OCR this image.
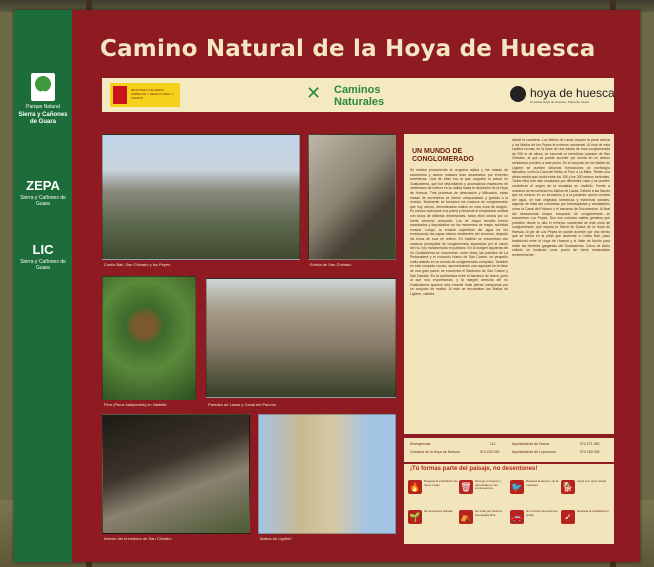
Parque Natural
Sierra y Cañones de Guara
ZEPA
Sierra y Cañones de Guara
LIC
Sierra y Cañones de Guara
Camino Natural de la Hoya de Huesca
MINISTERIO DE MEDIO AMBIENTE Y MEDIO RURAL Y MARINO	✕ Caminos
Naturales
hoya de huesca
Comarca Hoya de Huesca • Plana de Uesca
Cuello Bail, San Chinabo y los Pepes	Ermita de San Chinabo
Pino (Pinus halepensis) en Vadiello	Paredes de Lazas y Canal del Palomo
Interior del eremitorio de San Chinabo	Mallos de Ligüerri
UN MUNDO DE CONGLOMERADO
Se estaba produciendo la orogenia alpina y las masas de escombros y cantos rodados eran arrastrados por enormes torrenteras. Una de ellas era la que ocupaba el actual río Guatizalema, que fue depositando y acumulando espesores de centenares de metros en su salida hacia la depresión de la Hoya de Huesca. Tras procesos de desecación y litificación, estas masas de escombros se fueron compactando y gracias a la erosión, finalmente se formaron los macizos de conglomerado que hoy vemos, denominados mallos en esta zona de Aragón. Es curioso acercarse a la pared y observar el empedrado vertical con bolos de distintas dimensiones, todos ellos unidos por un fuerte cemento compacto. Los de mayor tamaño fueron arrastrados y depositados en los momentos de mayor actividad erosiva. Luego, la erosión superficial del agua ha ido erosionando las capas menos resistentes del cemento, dejando los bolos de roca en relieve. En Vadiello se encuentran dos macizos principales de conglomerado separados por el cauce del río, hoy transformado en pantano. En la margen izquierda del río Guatizalema se encuentran, entre otras, las paredes de La Pedacadera y el conocido Huevo de San Cosme, un pequeño mallo aislado en un mundo de conglomerado compacto. También en este conjunto rocoso, aprovechando una oquedad en la base de una gran pared, se encuentra el Santuario de San Cosme y San Damián. En la confluencia entre el barranco de Isarre, junto al que nos encontramos, y la margen derecha del río Guatizalema aparece otra enorme mole pétrea compuesta por un conjunto de mallos. Al este se encuentran los Mallos de Ligüerri, visibles
desde la carretera. Los Mallos de Lazas ocupan la parte central y los Mallos de los Pepes el extremo occidental. Al final de esta cadena rocosa, en la base de una balma de roca conglomerada de 200 m de altura, se esconde el eremitorio rupestre de San Chinabo, al que se puede acceder por senda en un desvío señalizado próximo a este punto. En el conjunto de los Mallos de Ligüerri se pueden observar formaciones de morfología llamativa, como la Cara del Maño, el Puro o La Mitra. Tienen una altura media que oscila entre los 100 y los 300 metros verticales. Todos ellos han sido escalados por diferentes rutas y se pueden considerar el origen de la escalada en Vadiello. Frente a nosotros se encuentran los Mallos de Lazas. Debido a las fisuras que se crearon en su formación y a la posterior acción erosiva del agua, se han originado barrancos y estrechas canales, algunas de ellas tan conocidas por barranquistas y escaladores como la Canal del Palomo o el barranco de Escomentué. Al final del descomunal bloque compacto de conglomerado se encuentran Los Pepes. Son dos curiosos mallos gemelos que presiden desde lo alto el extremo occidental de este cinto de conglomerado, que separa la Sierra de Guara de la Hoya de Huesca. Al pie de Los Pepes se puede acceder por una senda que se forma en la pista que asciende a Cuello Bail, paso tradicional entre la Hoya de Huesca y el Valle de Nocito para evitar las temibles gargantas del Guatizalema. Cerca de dicho collado se localizan unos pozos de nieve restaurados recientemente.
Emergencias	112
Comarca de la Hoya de Huesca	974 233 030
Ayuntamiento de Nueno	974 271 083
Ayuntamiento de Loporzano	974 262 005
¡Tú formas parte del paisaje, no desentones!
🔥
Respeta la prohibición de hacer fuego	🗑
Recoge tu basura y deposítala en los contenedores	🐦
Respeta la fauna y no la molestes	🐕
Lleva a tu perro atado
🌱
No arranques plantas
⛺
No está permitida la acampada libre	🚗
No circules fuera de las pistas	✓
Respeta la señalización
